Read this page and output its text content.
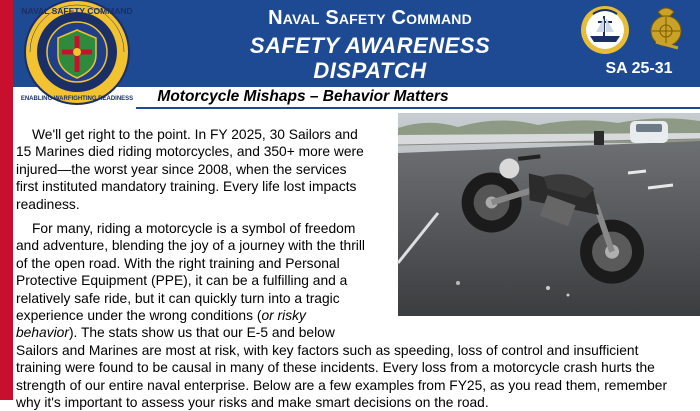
NAVAL SAFETY COMMAND
ENABLING WARFIGHTING READINESS
Naval Safety Command
SAFETY AWARENESS
DISPATCH	SA 25-31
Motorcycle Mishaps – Behavior Matters
We'll get right to the point. In FY 2025, 30 Sailors and
15 Marines died riding motorcycles, and 350+ more were
injured—the worst year since 2008, when the services
first instituted mandatory training. Every life lost impacts
readiness.
For many, riding a motorcycle is a symbol of freedom
and adventure, blending the joy of a journey with the thrill
of the open road. With the right training and Personal
Protective Equipment (PPE), it can be a fulfilling and a
relatively safe ride, but it can quickly turn into a tragic
experience under the wrong conditions (or risky
behavior). The stats show us that our E-5 and below
Sailors and Marines are most at risk, with key factors such as speeding, loss of control and insufficient
training were found to be causal in many of these incidents. Every loss from a motorcycle crash hurts the
strength of our entire naval enterprise. Below are a few examples from FY25, as you read them, remember
why it's important to assess your risks and make smart decisions on the road.
